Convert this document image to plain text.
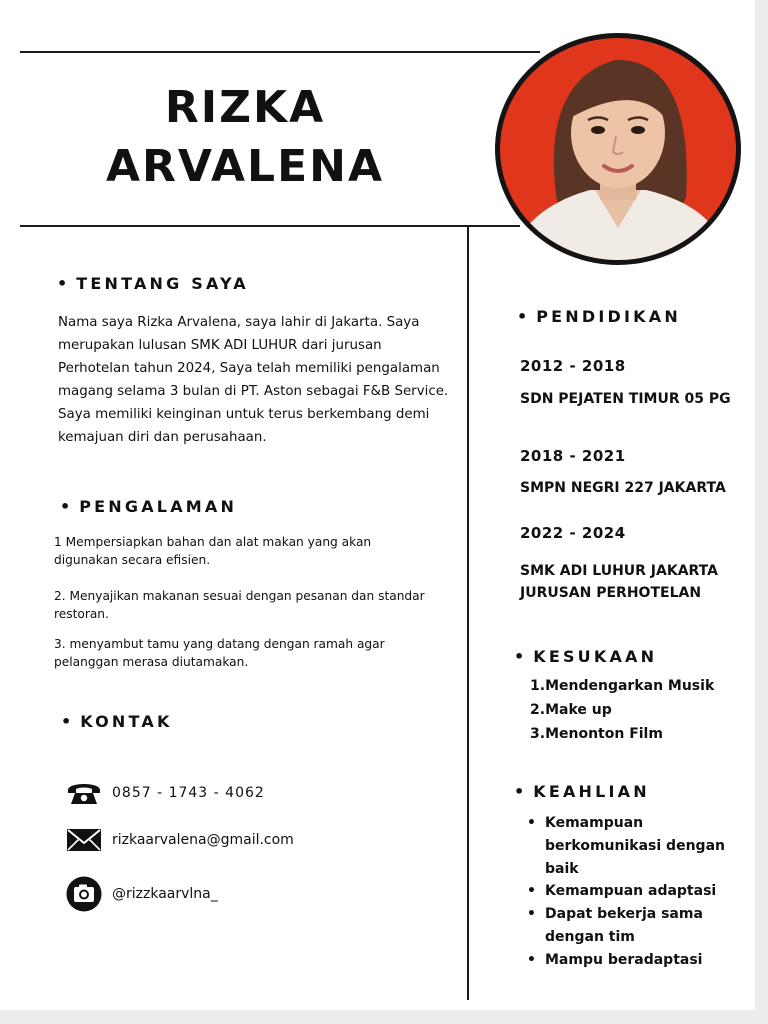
RIZKA
ARVALENA
• TENTANG SAYA
Nama saya Rizka Arvalena, saya lahir di Jakarta. Saya merupakan lulusan SMK ADI LUHUR dari jurusan Perhotelan tahun 2024, Saya telah memiliki pengalaman magang selama 3 bulan di PT. Aston sebagai F&B Service. Saya memiliki keinginan untuk terus berkembang demi kemajuan diri dan perusahaan.
• PENGALAMAN
1 Mempersiapkan bahan dan alat makan yang akan digunakan secara efisien.
2. Menyajikan makanan sesuai dengan pesanan dan standar restoran.
3. menyambut tamu yang datang dengan ramah agar pelanggan merasa diutamakan.
• KONTAK
0857 - 1743 - 4062
rizkaarvalena@gmail.com
@rizzkaarvlna_
• PENDIDIKAN
2012 - 2018
SDN PEJATEN TIMUR 05 PG
2018 - 2021
SMPN NEGRI 227 JAKARTA
2022 - 2024
SMK ADI LUHUR JAKARTA JURUSAN PERHOTELAN
• KESUKAAN
1.Mendengarkan Musik
2.Make up
3.Menonton Film
• KEAHLIAN
• Kemampuan berkomunikasi dengan baik
• Kemampuan adaptasi
• Dapat bekerja sama dengan tim
• Mampu beradaptasi
